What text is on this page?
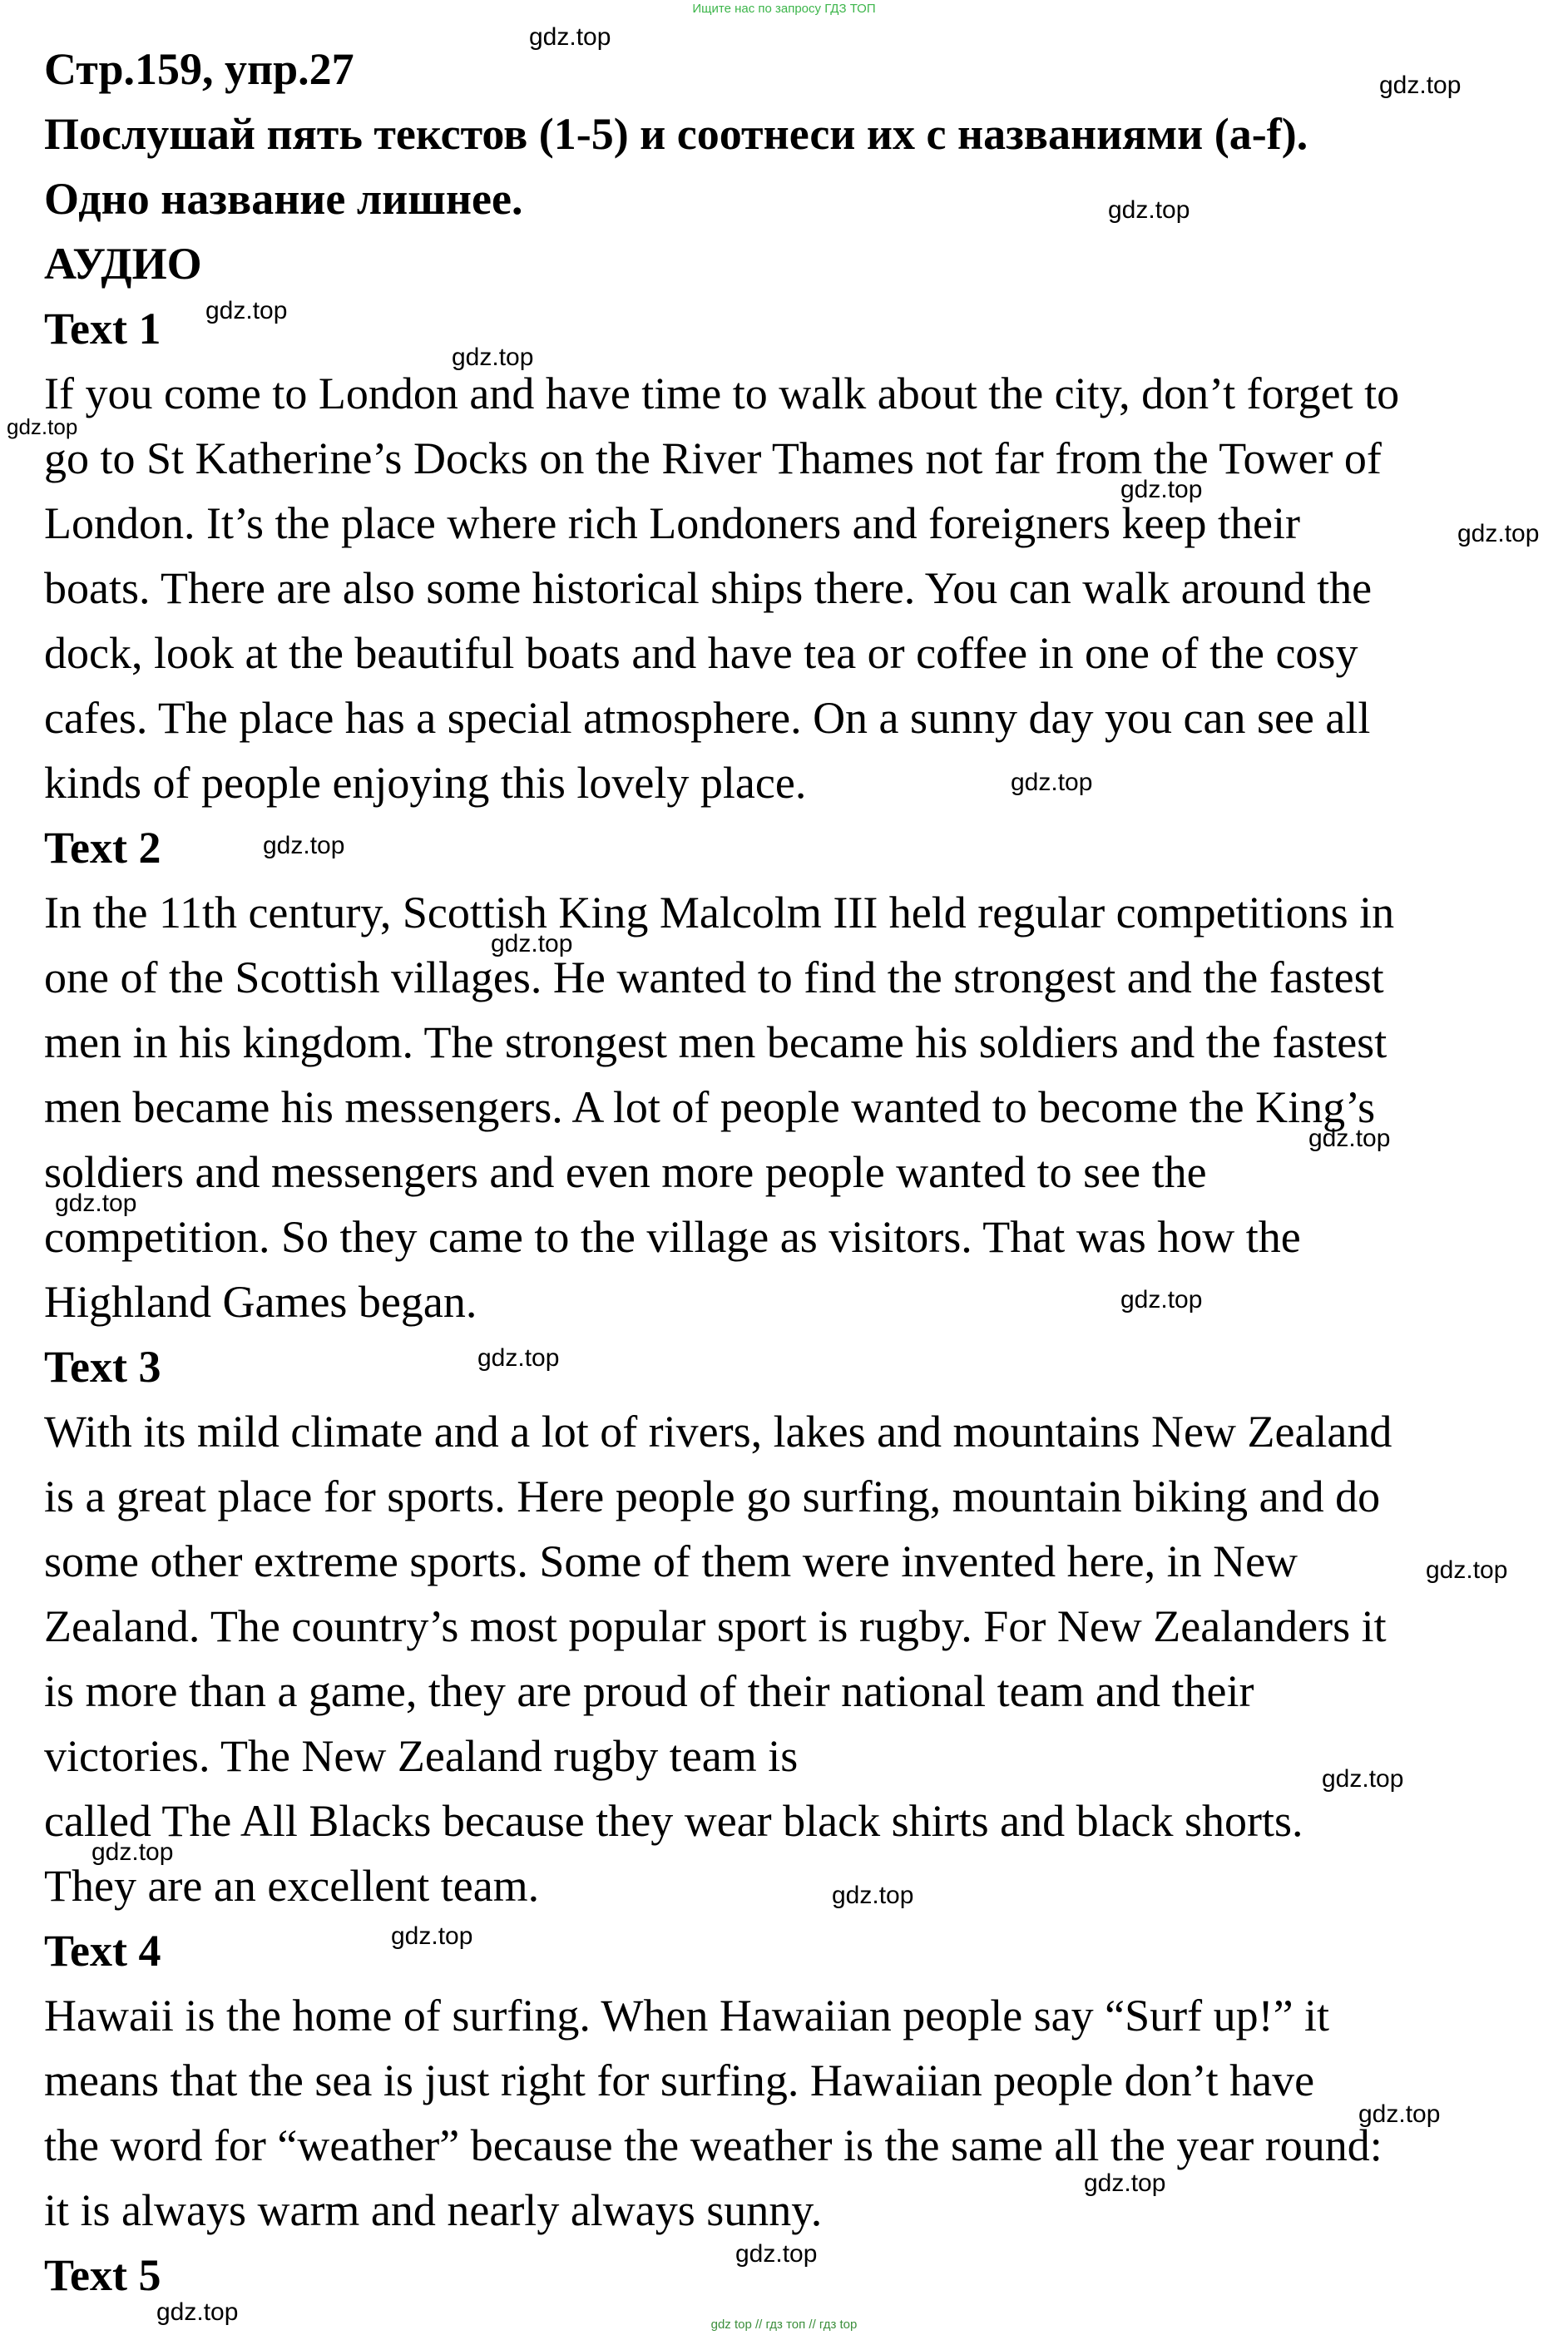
Ищите нас по запросу ГДЗ ТОП
Стр.159, упр.27
Послушай пять текстов (1-5) и соотнеси их с названиями (a-f).
Одно название лишнее.
АУДИО
Text 1
If you come to London and have time to walk about the city, don’t forget to
go to St Katherine’s Docks on the River Thames not far from the Tower of
London. It’s the place where rich Londoners and foreigners keep their
boats. There are also some historical ships there. You can walk around the
dock, look at the beautiful boats and have tea or coffee in one of the cosy
cafes. The place has a special atmosphere. On a sunny day you can see all
kinds of people enjoying this lovely place.
Text 2
In the 11th century, Scottish King Malcolm III held regular competitions in
one of the Scottish villages. He wanted to find the strongest and the fastest
men in his kingdom. The strongest men became his soldiers and the fastest
men became his messengers. A lot of people wanted to become the King’s
soldiers and messengers and even more people wanted to see the
competition. So they came to the village as visitors. That was how the
Highland Games began.
Text 3
With its mild climate and a lot of rivers, lakes and mountains New Zealand
is a great place for sports. Here people go surfing, mountain biking and do
some other extreme sports. Some of them were invented here, in New
Zealand. The country’s most popular sport is rugby. For New Zealanders it
is more than a game, they are proud of their national team and their
victories. The New Zealand rugby team is
called The All Blacks because they wear black shirts and black shorts.
They are an excellent team.
Text 4
Hawaii is the home of surfing. When Hawaiian people say “Surf up!” it
means that the sea is just right for surfing. Hawaiian people don’t have
the word for “weather” because the weather is the same all the year round:
it is always warm and nearly always sunny.
Text 5
gdz.top
gdz.top
gdz.top
gdz.top
gdz.top
gdz.top
gdz.top
gdz.top
gdz.top
gdz.top
gdz.top
gdz.top
gdz.top
gdz.top
gdz.top
gdz.top
gdz.top
gdz.top
gdz.top
gdz.top
gdz.top
gdz.top
gdz.top
gdz.top	gdz top // гдз топ // гдз top
